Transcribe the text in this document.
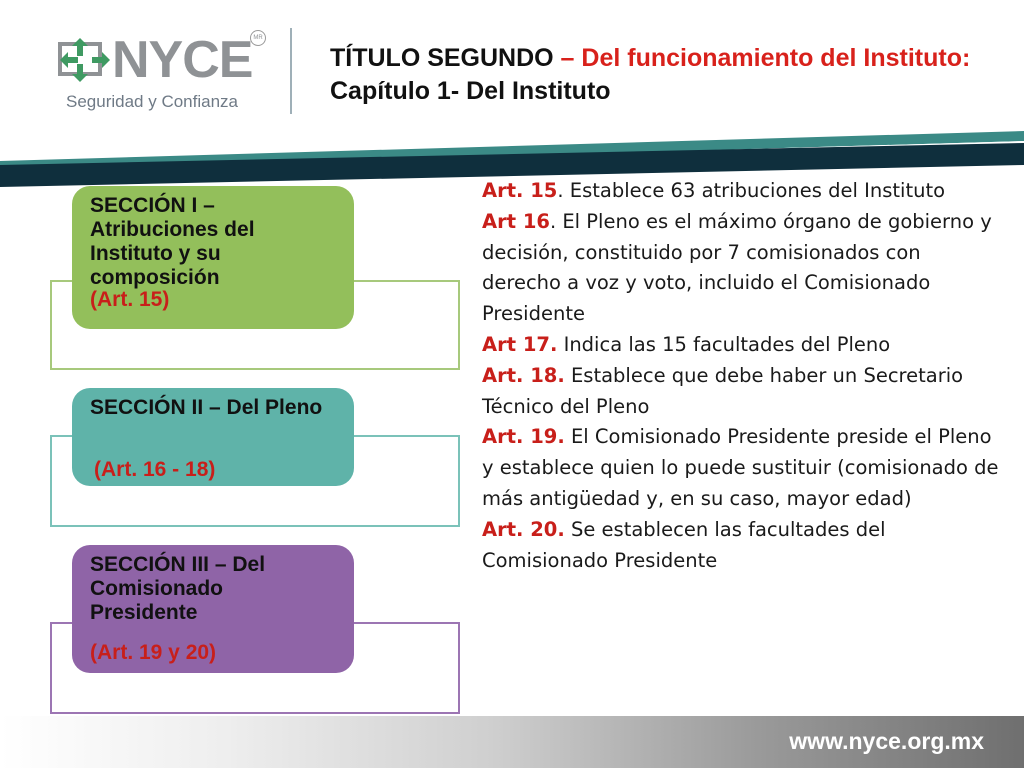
NYCE MR
Seguridad y Confianza
TÍTULO SEGUNDO – Del funcionamiento del Instituto: Capítulo 1- Del Instituto
SECCIÓN I – Atribuciones del Instituto y su composición
(Art. 15)
SECCIÓN II – Del Pleno
(Art. 16 - 18)
SECCIÓN III – Del Comisionado Presidente
(Art. 19 y 20)
Art. 15. Establece 63 atribuciones del Instituto
Art 16. El Pleno es el máximo órgano de gobierno y decisión, constituido por 7 comisionados con derecho a voz y voto, incluido el Comisionado Presidente
Art 17. Indica las 15 facultades del Pleno
Art. 18. Establece que debe haber un Secretario Técnico del Pleno
Art. 19. El Comisionado Presidente preside el Pleno y establece quien lo puede sustituir (comisionado de más antigüedad y, en su caso, mayor edad)
Art. 20. Se establecen las facultades del Comisionado Presidente
www.nyce.org.mx
